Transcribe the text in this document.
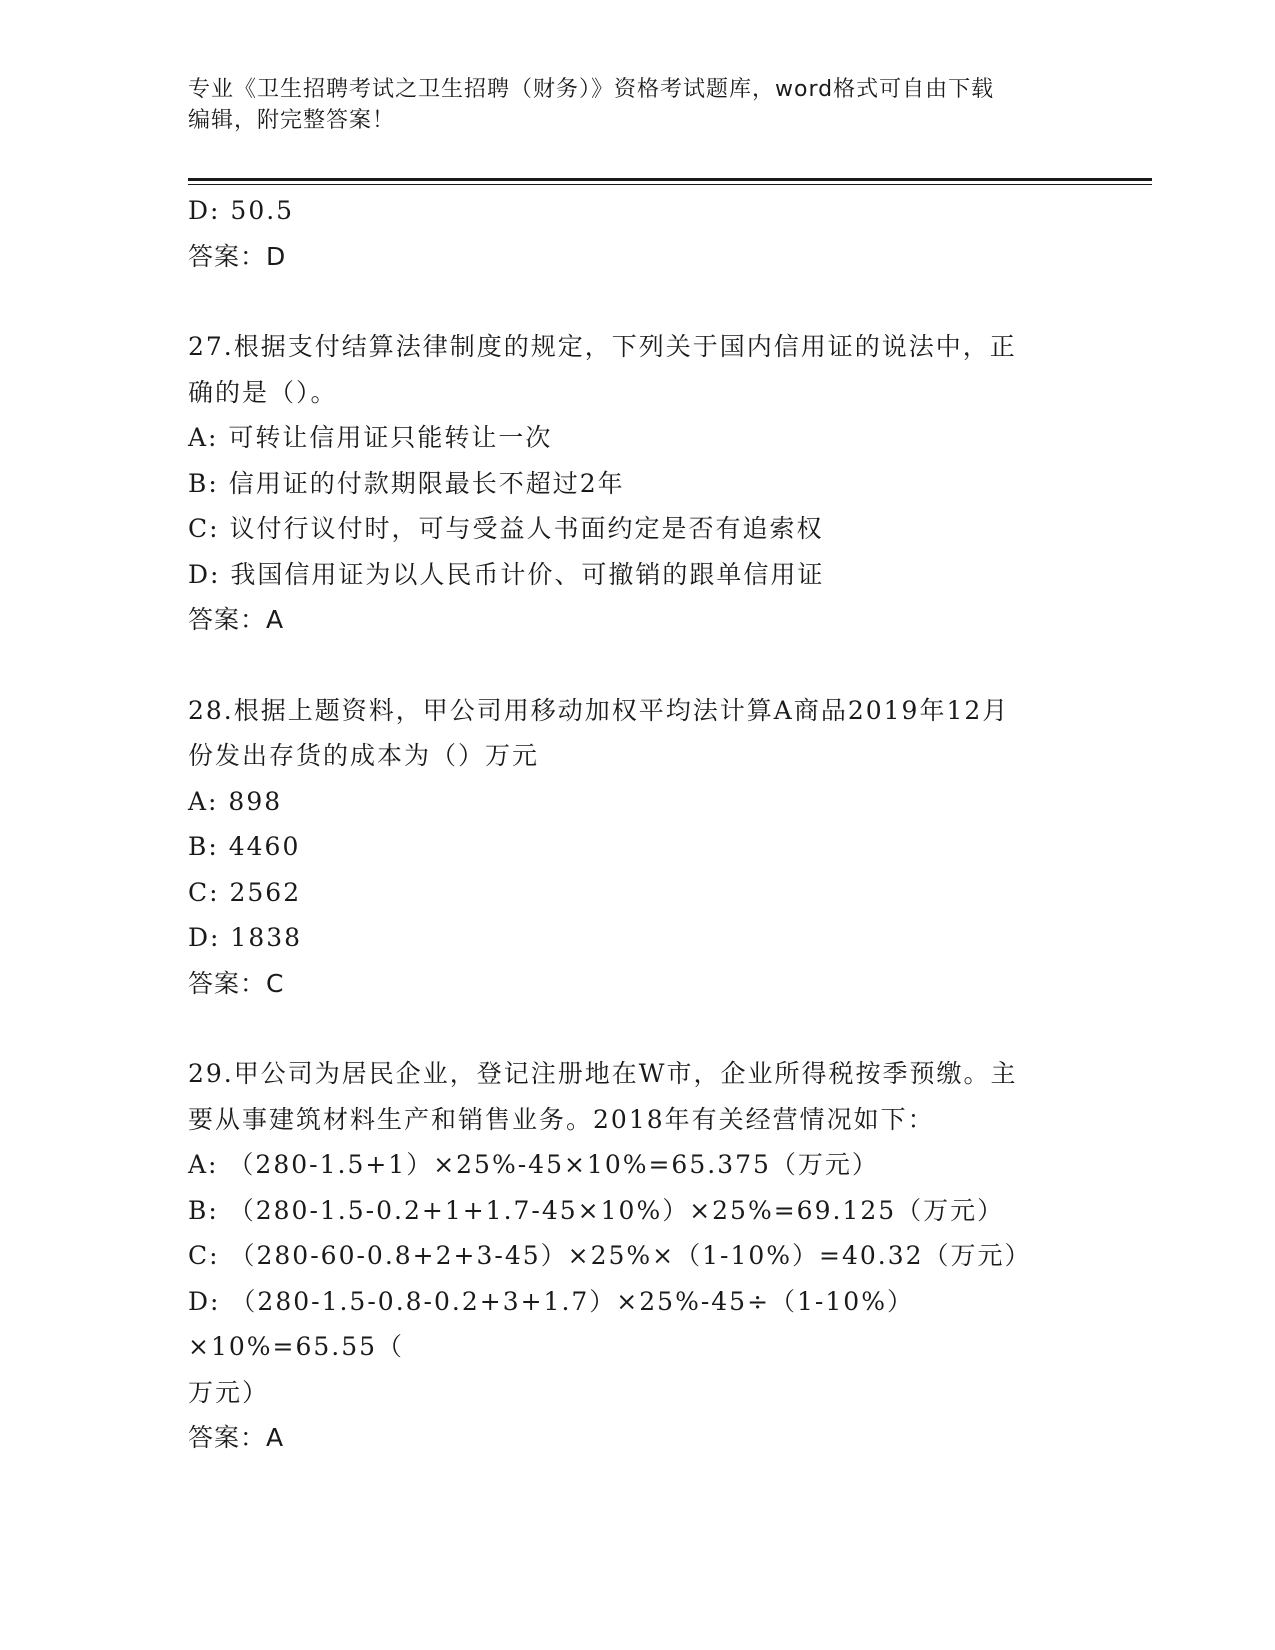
专业《卫生招聘考试之卫生招聘（财务）》资格考试题库，word格式可自由下载
编辑，附完整答案！
D: 50.5
答案：D
27.根据支付结算法律制度的规定，下列关于国内信用证的说法中，正
确的是（）。
A: 可转让信用证只能转让一次
B: 信用证的付款期限最长不超过2年
C: 议付行议付时，可与受益人书面约定是否有追索权
D: 我国信用证为以人民币计价、可撤销的跟单信用证
答案：A
28.根据上题资料，甲公司用移动加权平均法计算A商品2019年12月
份发出存货的成本为（）万元
A: 898
B: 4460
C: 2562
D: 1838
答案：C
29.甲公司为居民企业，登记注册地在W市，企业所得税按季预缴。主
要从事建筑材料生产和销售业务。2018年有关经营情况如下：
A: （280-1.5+1）×25%-45×10%=65.375（万元）
B: （280-1.5-0.2+1+1.7-45×10%）×25%=69.125（万元）
C: （280-60-0.8+2+3-45）×25%×（1-10%）=40.32（万元）
D: （280-1.5-0.8-0.2+3+1.7）×25%-45÷（1-10%）×10%=65.55（
万元）
答案：A
